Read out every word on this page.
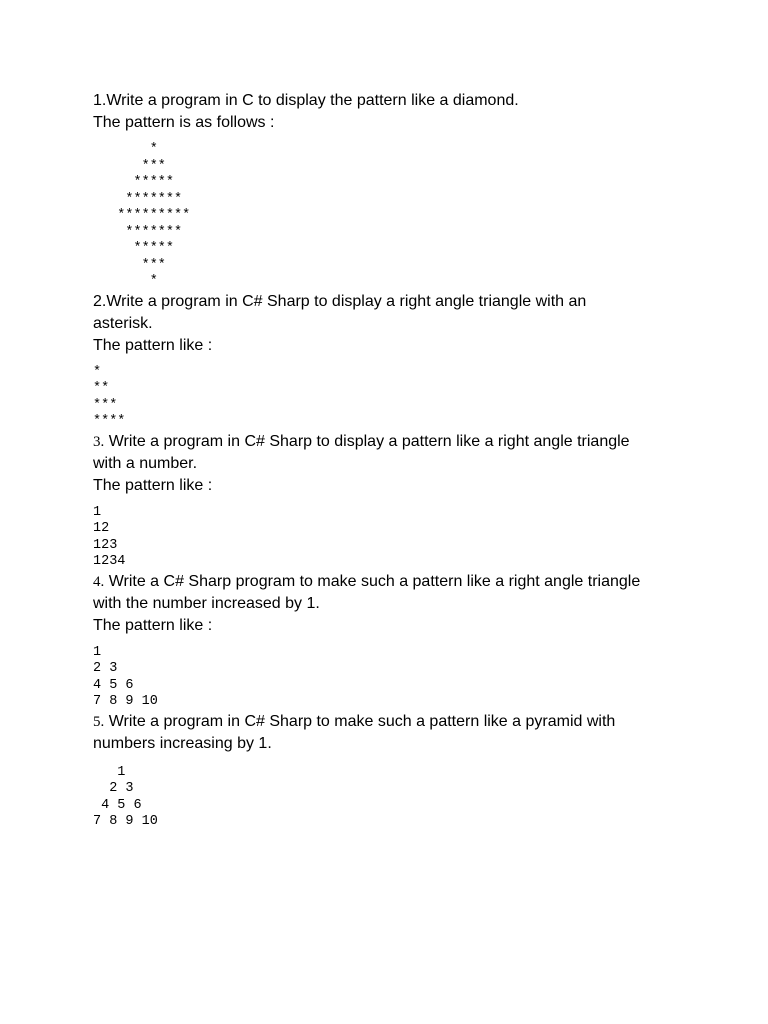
1.Write a program in C to display the pattern like a diamond.

The pattern is as follows :

*
***
*****
*******
*********
*******
*****
***
*

2.Write a program in C# Sharp to display a right angle triangle with an

asterisk.

The pattern like :

*
**
***
****

3. Write a program in C# Sharp to display a pattern like a right angle triangle

with a number.

The pattern like :

1
12
123
1234

4. Write a C# Sharp program to make such a pattern like a right angle triangle

with the number increased by 1.

The pattern like :

1
2 3
4 5 6
7 8 9 10

5. Write a program in C# Sharp to make such a pattern like a pyramid with

numbers increasing by 1.

1
2 3
4 5 6
7 8 9 10
